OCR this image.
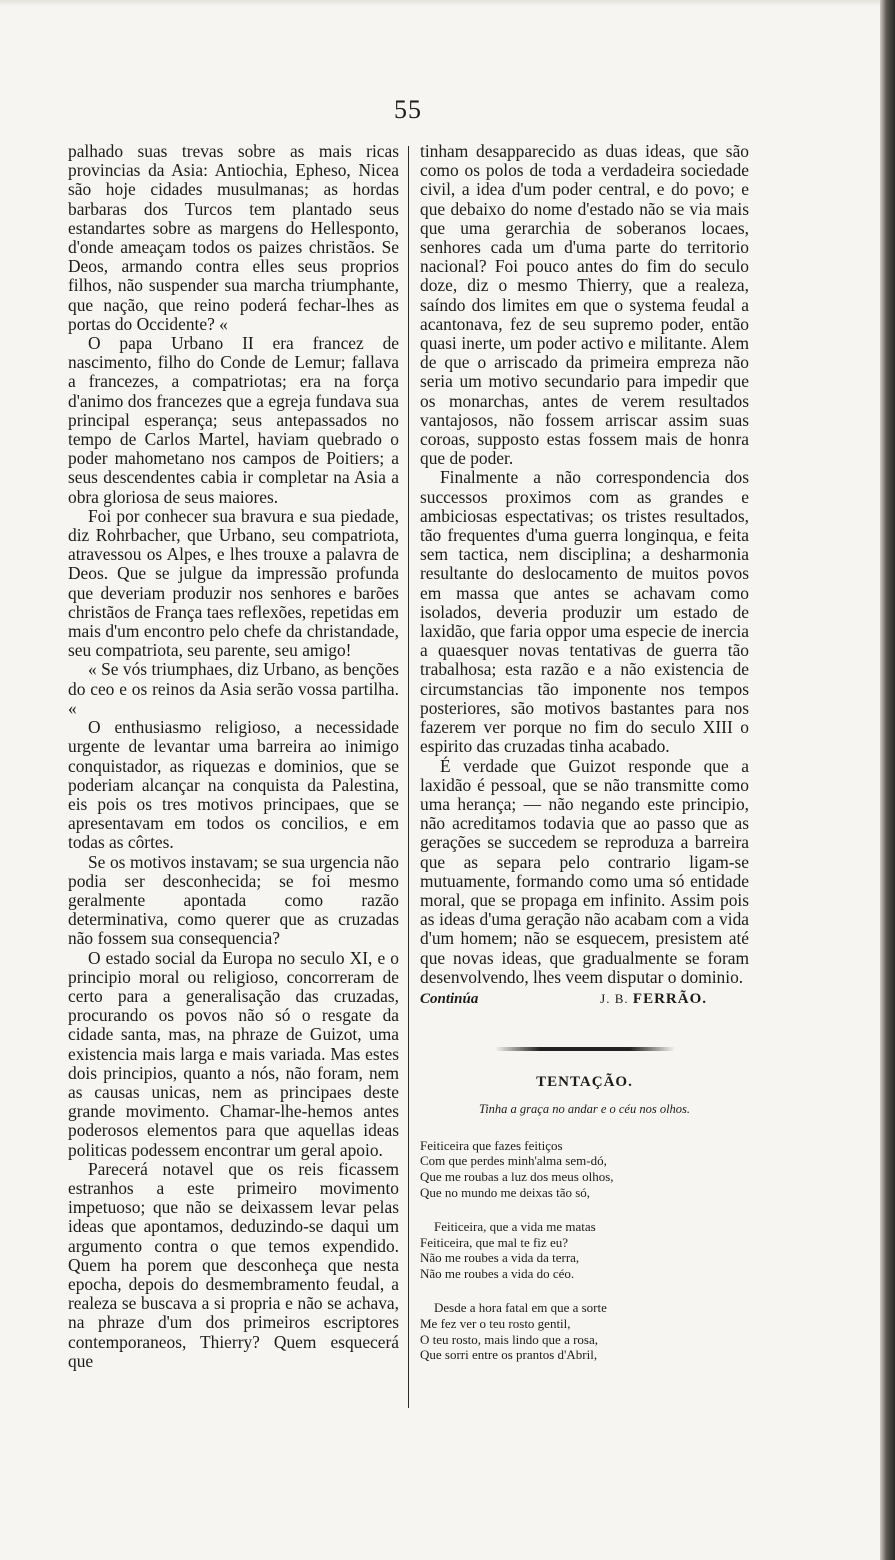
55

palhado suas trevas sobre as mais ricas provincias da Asia: Antiochia, Epheso, Nicea são hoje cidades musulmanas; as hordas barbaras dos Turcos tem plantado seus estandartes sobre as margens do Hellesponto, d'onde ameaçam todos os paizes christãos. Se Deos, armando contra elles seus proprios filhos, não suspender sua marcha triumphante, que nação, que reino poderá fechar-lhes as portas do Occidente? «

O papa Urbano II era francez de nascimento, filho do Conde de Lemur; fallava a francezes, a compatriotas; era na força d'animo dos francezes que a egreja fundava sua principal esperança; seus antepassados no tempo de Carlos Martel, haviam quebrado o poder mahometano nos campos de Poitiers; a seus descendentes cabia ir completar na Asia a obra gloriosa de seus maiores.

Foi por conhecer sua bravura e sua piedade, diz Rohrbacher, que Urbano, seu compatriota, atravessou os Alpes, e lhes trouxe a palavra de Deos. Que se julgue da impressão profunda que deveriam produzir nos senhores e barões christãos de França taes reflexões, repetidas em mais d'um encontro pelo chefe da christandade, seu compatriota, seu parente, seu amigo!

« Se vós triumphaes, diz Urbano, as benções do ceo e os reinos da Asia serão vossa partilha. «

O enthusiasmo religioso, a necessidade urgente de levantar uma barreira ao inimigo conquistador, as riquezas e dominios, que se poderiam alcançar na conquista da Palestina, eis pois os tres motivos principaes, que se apresentavam em todos os concilios, e em todas as côrtes.

Se os motivos instavam; se sua urgencia não podia ser desconhecida; se foi mesmo geralmente apontada como razão determinativa, como querer que as cruzadas não fossem sua consequencia?

O estado social da Europa no seculo XI, e o principio moral ou religioso, concorreram de certo para a generalisação das cruzadas, procurando os povos não só o resgate da cidade santa, mas, na phraze de Guizot, uma existencia mais larga e mais variada. Mas estes dois principios, quanto a nós, não foram, nem as causas unicas, nem as principaes deste grande movimento. Chamar-lhe-hemos antes poderosos elementos para que aquellas ideas politicas podessem encontrar um geral apoio.

Parecerá notavel que os reis ficassem estranhos a este primeiro movimento impetuoso; que não se deixassem levar pelas ideas que apontamos, deduzindo-se daqui um argumento contra o que temos expendido. Quem ha porem que desconheça que nesta epocha, depois do desmembramento feudal, a realeza se buscava a si propria e não se achava, na phraze d'um dos primeiros escriptores contemporaneos, Thierry? Quem esquecerá que

tinham desapparecido as duas ideas, que são como os polos de toda a verdadeira sociedade civil, a idea d'um poder central, e do povo; e que debaixo do nome d'estado não se via mais que uma gerarchia de soberanos locaes, senhores cada um d'uma parte do territorio nacional? Foi pouco antes do fim do seculo doze, diz o mesmo Thierry, que a realeza, saíndo dos limites em que o systema feudal a acantonava, fez de seu supremo poder, então quasi inerte, um poder activo e militante. Alem de que o arriscado da primeira empreza não seria um motivo secundario para impedir que os monarchas, antes de verem resultados vantajosos, não fossem arriscar assim suas coroas, supposto estas fossem mais de honra que de poder.

Finalmente a não correspondencia dos successos proximos com as grandes e ambiciosas espectativas; os tristes resultados, tão frequentes d'uma guerra longinqua, e feita sem tactica, nem disciplina; a desharmonia resultante do deslocamento de muitos povos em massa que antes se achavam como isolados, deveria produzir um estado de laxidão, que faria oppor uma especie de inercia a quaesquer novas tentativas de guerra tão trabalhosa; esta razão e a não existencia de circumstancias tão imponente nos tempos posteriores, são motivos bastantes para nos fazerem ver porque no fim do seculo XIII o espirito das cruzadas tinha acabado.

É verdade que Guizot responde que a laxidão é pessoal, que se não transmitte como uma herança; — não negando este principio, não acreditamos todavia que ao passo que as gerações se succedem se reproduza a barreira que as separa pelo contrario ligam-se mutuamente, formando como uma só entidade moral, que se propaga em infinito. Assim pois as ideas d'uma geração não acabam com a vida d'um homem; não se esquecem, presistem até que novas ideas, que gradualmente se foram desenvolvendo, lhes veem disputar o dominio.

Continúa	J. B. FERRÃO.
TENTAÇÃO.
Tinha a graça no andar e o céu nos olhos.
Feiticeira que fazes feitiços
Com que perdes minh'alma sem-dó,
Que me roubas a luz dos meus olhos,
Que no mundo me deixas tão só,
Feiticeira, que a vida me matas
Feiticeira, que mal te fiz eu?
Não me roubes a vida da terra,
Não me roubes a vida do céo.
Desde a hora fatal em que a sorte
Me fez ver o teu rosto gentil,
O teu rosto, mais lindo que a rosa,
Que sorri entre os prantos d'Abril,
